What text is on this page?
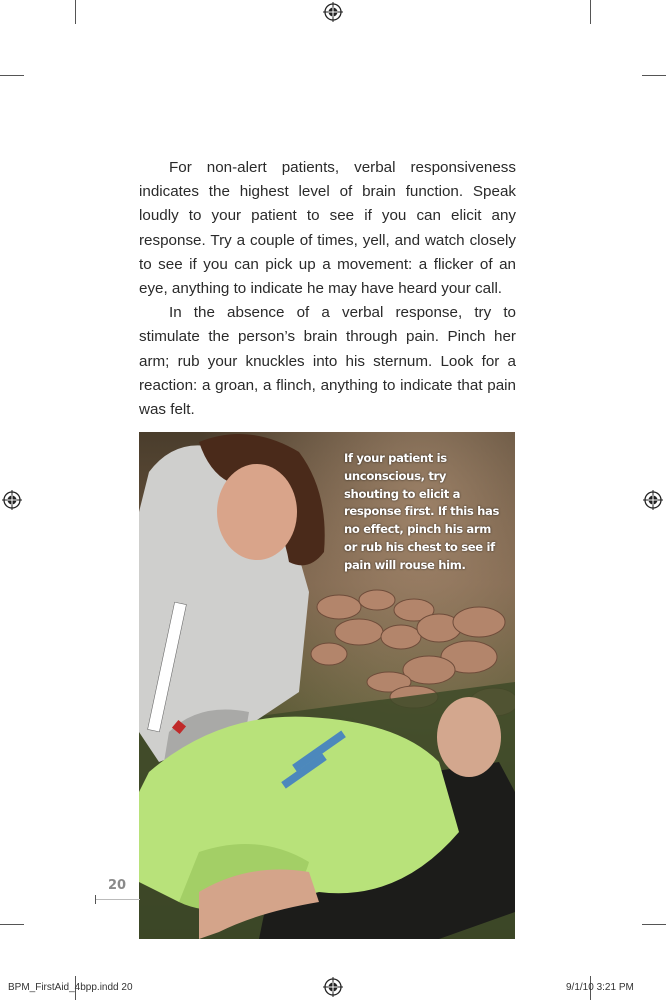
For non-alert patients, verbal responsiveness indicates the highest level of brain function. Speak loudly to your patient to see if you can elicit any response. Try a couple of times, yell, and watch closely to see if you can pick up a movement: a flicker of an eye, anything to indicate he may have heard your call.

In the absence of a verbal response, try to stimulate the person’s brain through pain. Pinch her arm; rub your knuckles into his sternum. Look for a reaction: a groan, a flinch, anything to indicate that pain was felt.

If your patient is unconscious, try shouting to elicit a response first. If this has no effect, pinch his arm or rub his chest to see if pain will rouse him.
20
BPM_FirstAid_4bpp.indd 20	9/1/10 3:21 PM
